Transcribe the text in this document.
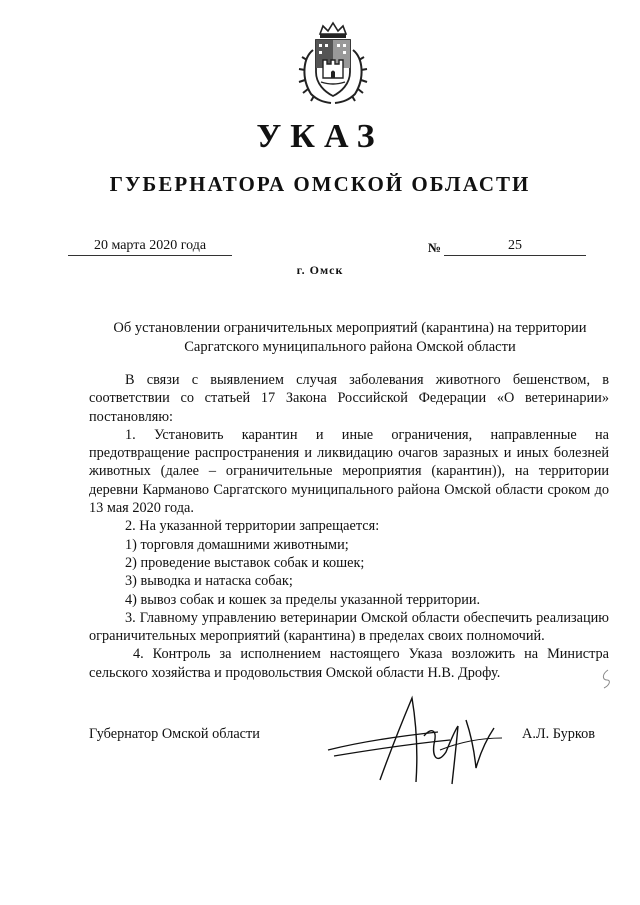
УКАЗ
ГУБЕРНАТОРА ОМСКОЙ ОБЛАСТИ
20 марта 2020 года	№	25
г. Омск
Об установлении ограничительных мероприятий (карантина) на территории
Саргатского муниципального района Омской области

В связи с выявлением случая заболевания животного бешенством, в соответствии со статьей 17 Закона Российской Федерации «О ветеринарии» постановляю:

1. Установить карантин и иные ограничения, направленные на предотвращение распространения и ликвидацию очагов заразных и иных болезней животных (далее – ограничительные мероприятия (карантин)), на территории деревни Карманово Саргатского муниципального района Омской области сроком до 13 мая 2020 года.

2. На указанной территории запрещается:

1) торговля домашними животными;

2) проведение выставок собак и кошек;

3) выводка и натаска собак;

4) вывоз собак и кошек за пределы указанной территории.

3. Главному управлению ветеринарии Омской области обеспечить реализацию ограничительных мероприятий (карантина) в пределах своих полномочий.

4. Контроль за исполнением настоящего Указа возложить на Министра сельского хозяйства и продовольствия Омской области Н.В. Дрофу.

Губернатор Омской области	А.Л. Бурков
